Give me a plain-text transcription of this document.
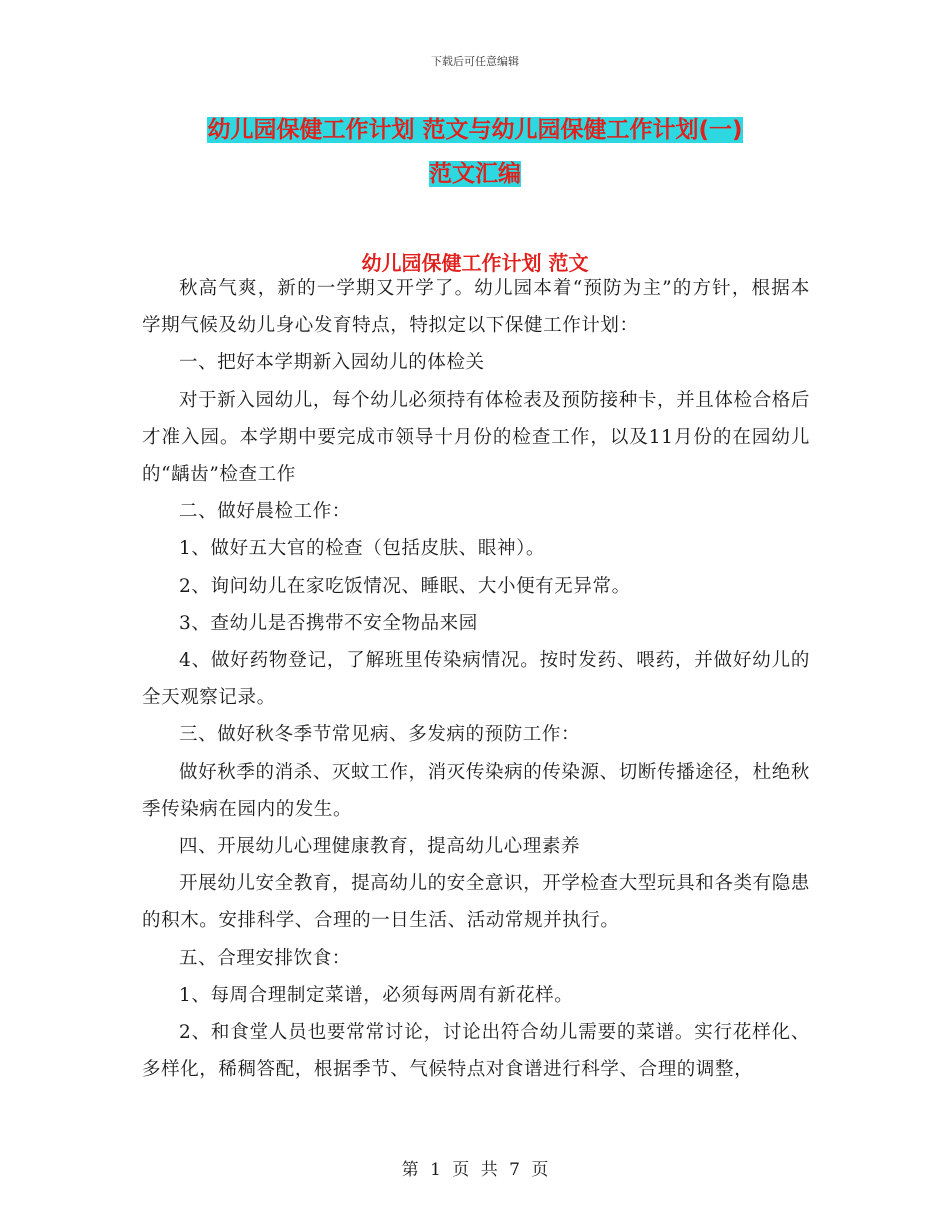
下载后可任意编辑
幼儿园保健工作计划 范文与幼儿园保健工作计划(一)
范文汇编
幼儿园保健工作计划 范文

秋高气爽，新的一学期又开学了。幼儿园本着“预防为主”的方针，根据本学期气候及幼儿身心发育特点，特拟定以下保健工作计划：

一、把好本学期新入园幼儿的体检关

对于新入园幼儿，每个幼儿必须持有体检表及预防接种卡，并且体检合格后才准入园。本学期中要完成市领导十月份的检查工作，以及11月份的在园幼儿的“龋齿”检查工作

二、做好晨检工作：

1、做好五大官的检查（包括皮肤、眼神）。

2、询问幼儿在家吃饭情况、睡眠、大小便有无异常。

3、查幼儿是否携带不安全物品来园

4、做好药物登记，了解班里传染病情况。按时发药、喂药，并做好幼儿的全天观察记录。

三、做好秋冬季节常见病、多发病的预防工作：

做好秋季的消杀、灭蚊工作，消灭传染病的传染源、切断传播途径，杜绝秋季传染病在园内的发生。

四、开展幼儿心理健康教育，提高幼儿心理素养

开展幼儿安全教育，提高幼儿的安全意识，开学检查大型玩具和各类有隐患的积木。安排科学、合理的一日生活、活动常规并执行。

五、合理安排饮食：

1、每周合理制定菜谱，必须每两周有新花样。

2、和食堂人员也要常常讨论，讨论出符合幼儿需要的菜谱。实行花样化、多样化，稀稠答配，根据季节、气候特点对食谱进行科学、合理的调整，

第 1 页 共 7 页
